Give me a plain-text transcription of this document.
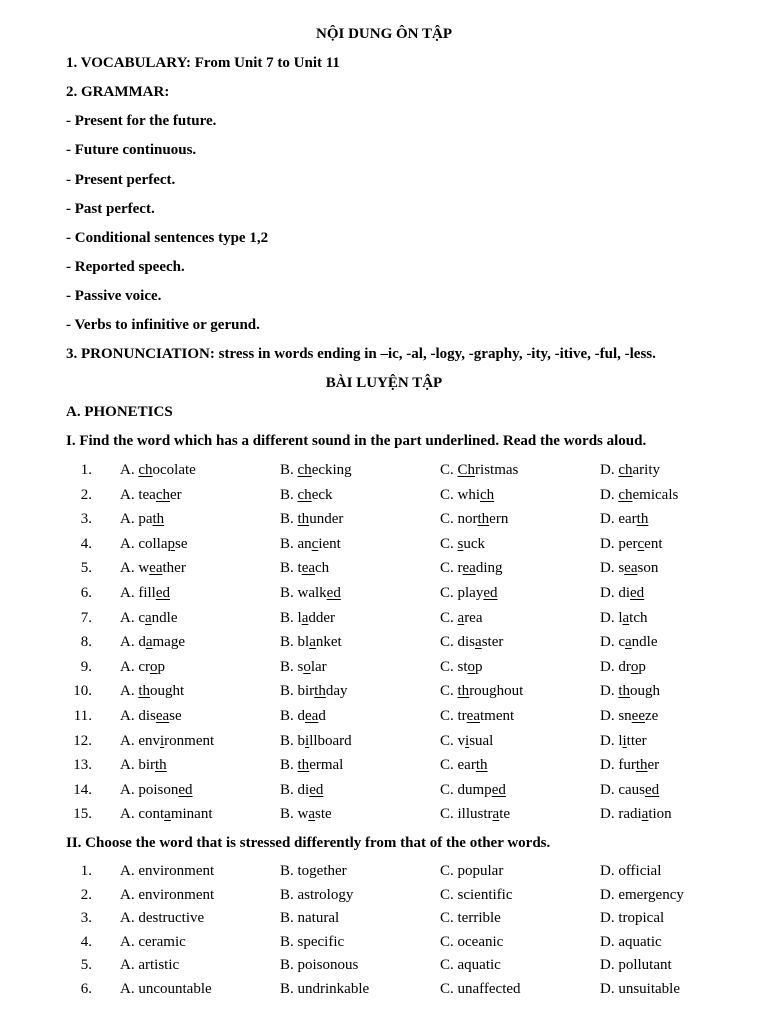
NỘI DUNG ÔN TẬP
1. VOCABULARY: From Unit 7 to Unit 11
2. GRAMMAR:
- Present for the future.
- Future continuous.
- Present perfect.
- Past perfect.
- Conditional sentences type 1,2
- Reported speech.
- Passive voice.
- Verbs to infinitive or gerund.
3. PRONUNCIATION: stress in words ending in –ic, -al, -logy, -graphy, -ity, -itive, -ful, -less.
BÀI LUYỆN TẬP
A. PHONETICS
I. Find the word which has a different sound in the part underlined. Read the words aloud.
1. A. chocolate	B. checking	C. Christmas	D. charity
2. A. teacher	B. check	C. which	D. chemicals
3. A. path	B. thunder	C. northern	D. earth
4. A. collapse	B. ancient	C. suck	D. percent
5. A. weather	B. teach	C. reading	D. season
6. A. filled	B. walked	C. played	D. died
7. A. candle	B. ladder	C. area	D. latch
8. A. damage	B. blanket	C. disaster	D. candle
9. A. crop	B. solar	C. stop	D. drop
10. A. thought	B. birthday	C. throughout	D. though
11. A. disease	B. dead	C. treatment	D. sneeze
12. A. environment	B. billboard	C. visual	D. litter
13. A. birth	B. thermal	C. earth	D. further
14. A. poisoned	B. died	C. dumped	D. caused
15. A. contaminant	B. waste	C. illustrate	D. radiation
II. Choose the word that is stressed differently from that of the other words.
1. A. environment	B. together	C. popular	D. official
2. A. environment	B. astrology	C. scientific	D. emergency
3. A. destructive	B. natural	C. terrible	D. tropical
4. A. ceramic	B. specific	C. oceanic	D. aquatic
5. A. artistic	B. poisonous	C. aquatic	D. pollutant
6. A. uncountable	B. undrinkable	C. unaffected	D. unsuitable
